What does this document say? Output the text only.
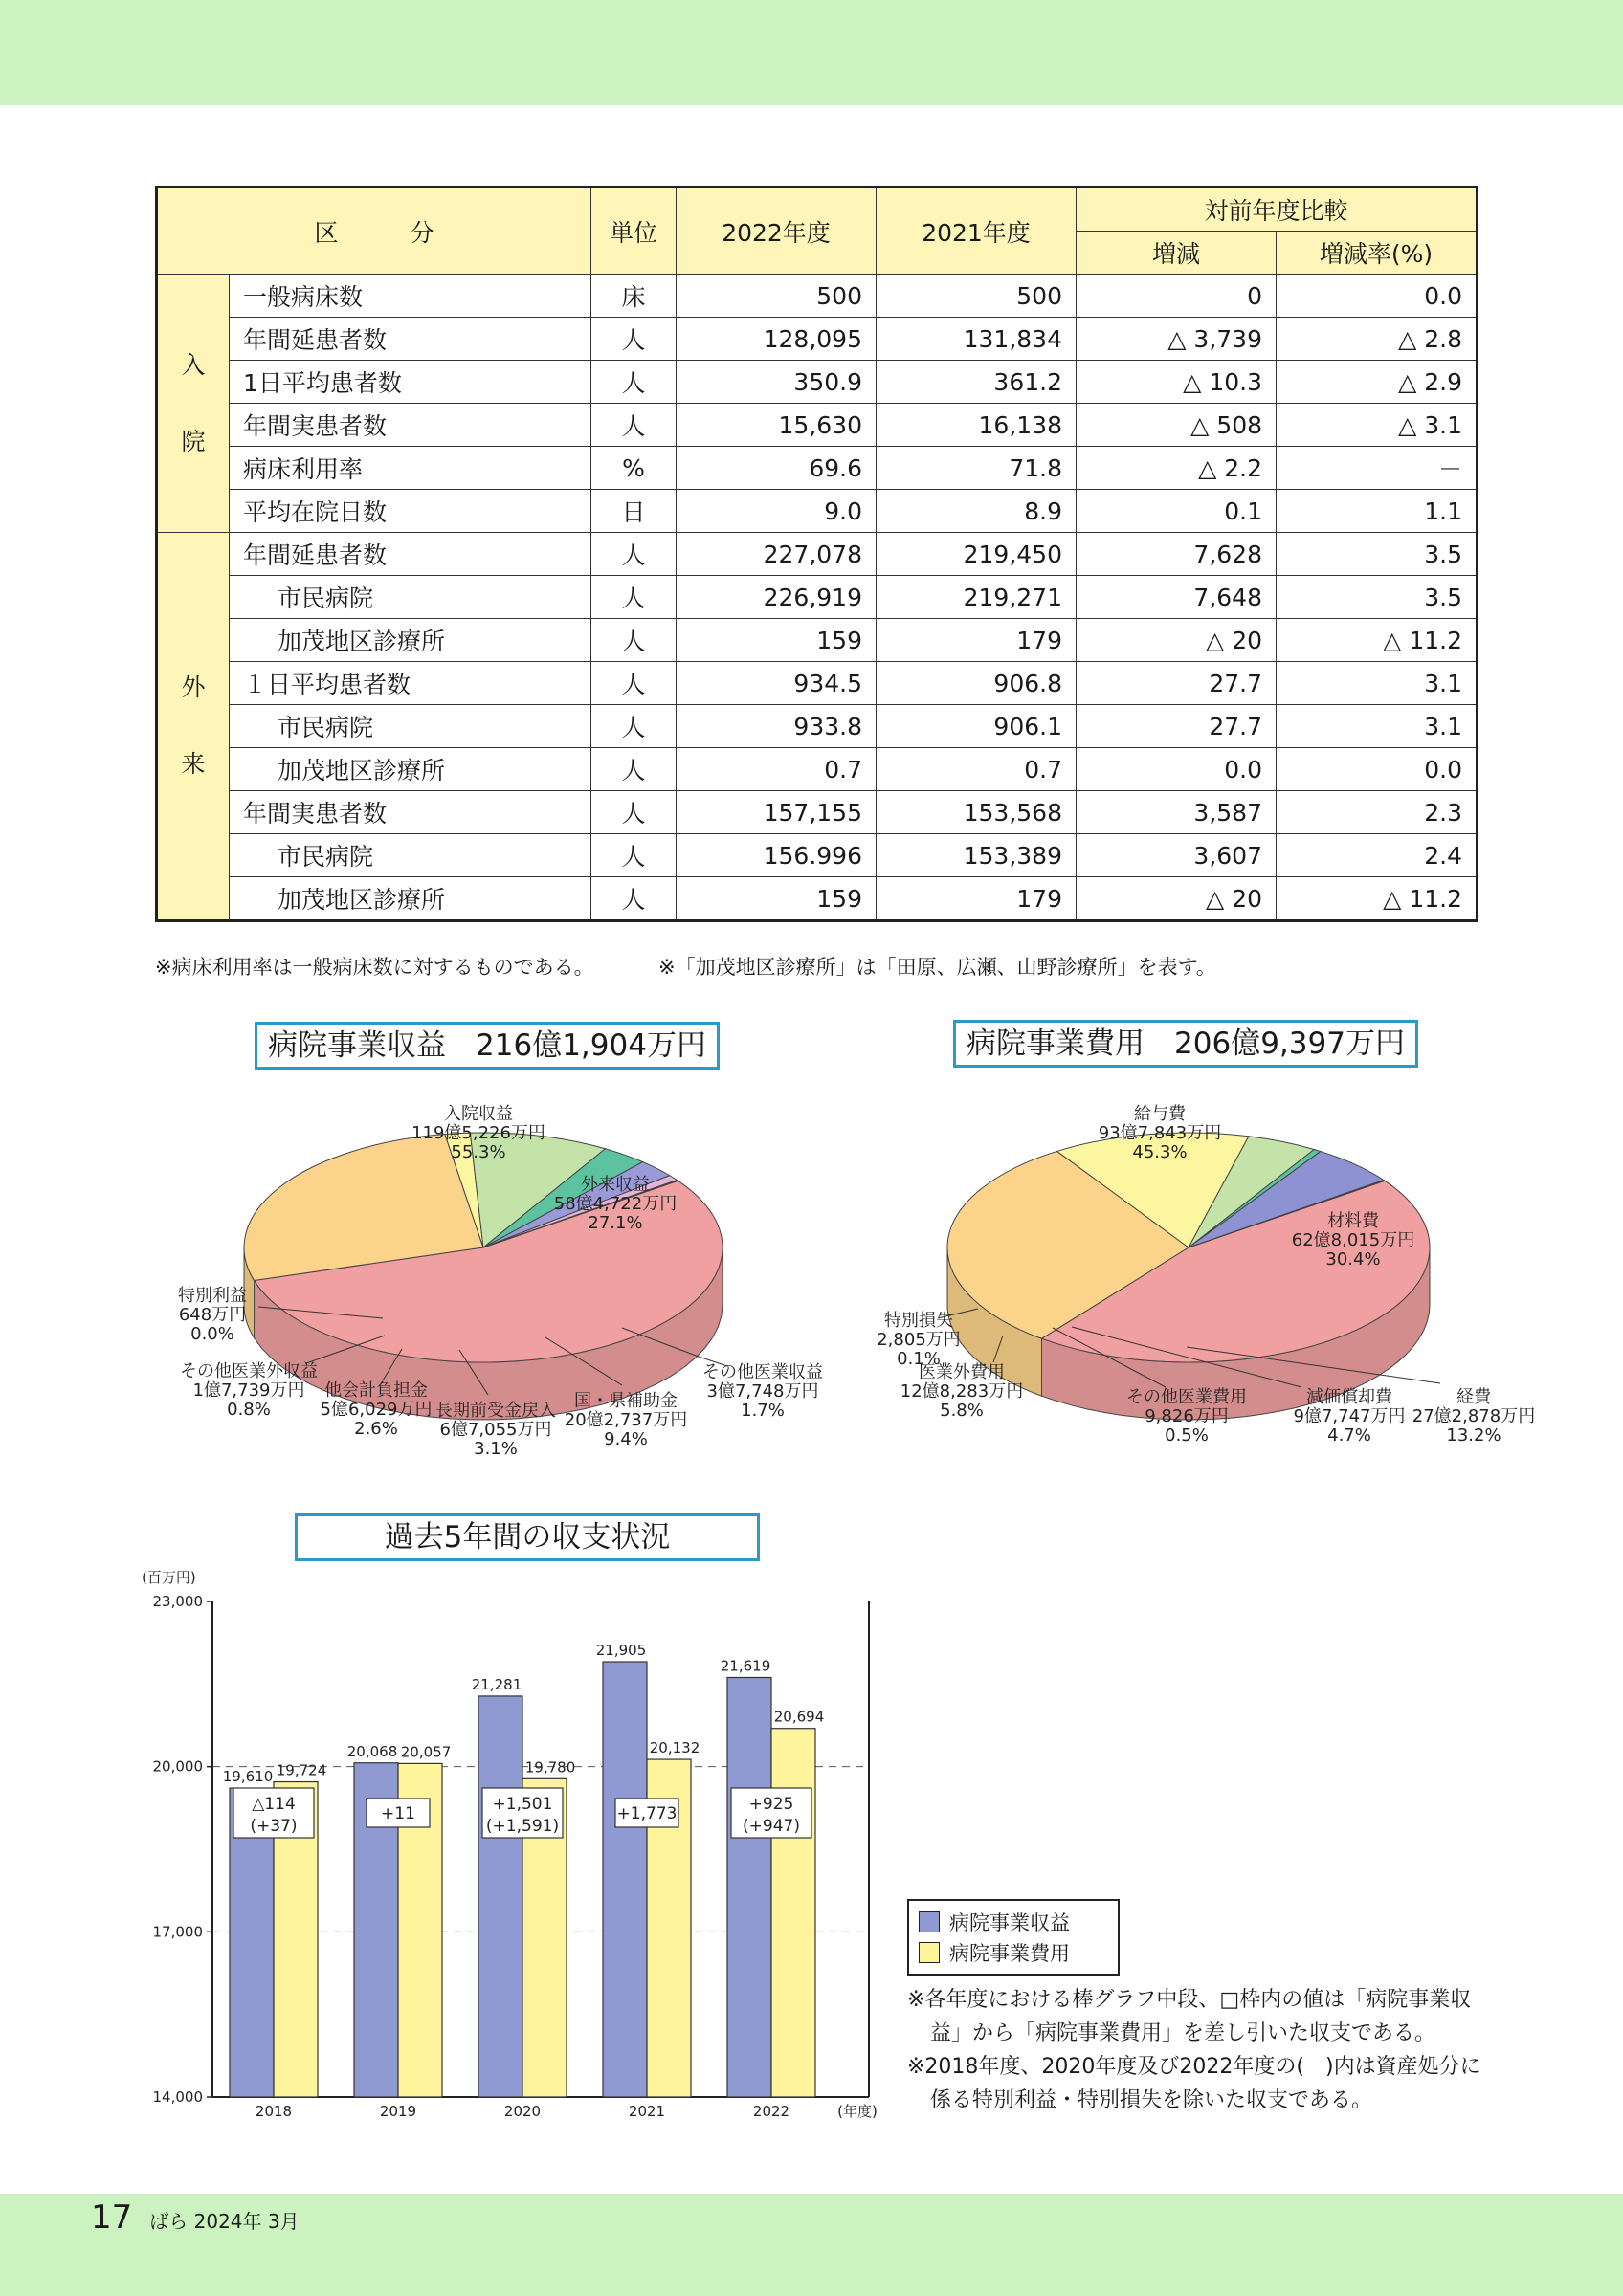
区　　　分		単位	2022年度	2021年度	対前年度比較	
					増減	増減率(%)
入
院	一般病床数	床	500	500	0	0.0
	年間延患者数	人	128,095	131,834	△ 3,739	△ 2.8
	1日平均患者数	人	350.9	361.2	△ 10.3	△ 2.9
	年間実患者数	人	15,630	16,138	△ 508	△ 3.1
	病床利用率	%	69.6	71.8	△ 2.2	－
	平均在院日数	日	9.0	8.9	0.1	1.1
外
来	年間延患者数	人	227,078	219,450	7,628	3.5
	市民病院	人	226,919	219,271	7,648	3.5
	加茂地区診療所	人	159	179	△ 20	△ 11.2
	１日平均患者数	人	934.5	906.8	27.7	3.1
	市民病院	人	933.8	906.1	27.7	3.1
	加茂地区診療所	人	0.7	0.7	0.0	0.0
	年間実患者数	人	157,155	153,568	3,587	2.3
	市民病院	人	156.996	153,389	3,607	2.4
	加茂地区診療所	人	159	179	△ 20	△ 11.2
※病床利用率は一般病床数に対するものである。	※「加茂地区診療所」は「田原、広瀬、山野診療所」を表す。
病院事業収益　216億1,904万円	病院事業費用　206億9,397万円
入院収益
119億5,226万円
55.3%
外来収益
58億4,722万円
27.1%
その他医業収益
3億7,748万円
1.7%
国・県補助金
20億2,737万円
9.4%
長期前受金戻入
6億7,055万円
3.1%
他会計負担金
5億6,029万円
2.6%
その他医業外収益
1億7,739万円
0.8%
特別利益
648万円
0.0%
給与費
93億7,843万円
45.3%
材料費
62億8,015万円
30.4%
経費
27億2,878万円
13.2%
減価償却費
9億7,747万円
4.7%
その他医業費用
9,826万円
0.5%
医業外費用
12億8,283万円
5.8%
特別損失
2,805万円
0.1%
過去5年間の収支状況
(百万円)
14,000
17,000
20,000
23,000
19,610 19,724
△114
(+37)
2018
20,068 20,057
+11
2019
21,281
19,780
+1,501
(+1,591)
2020
21,905
20,132
+1,773
2021
21,619
20,694
+925
(+947)
2022	(年度)
病院事業収益
病院事業費用

※各年度における棒グラフ中段、□枠内の値は「病院事業収益」から「病院事業費用」を差し引いた収支である。

※2018年度、2020年度及び2022年度の(　)内は資産処分に係る特別利益・特別損失を除いた収支である。

17 ばら 2024年 3月
